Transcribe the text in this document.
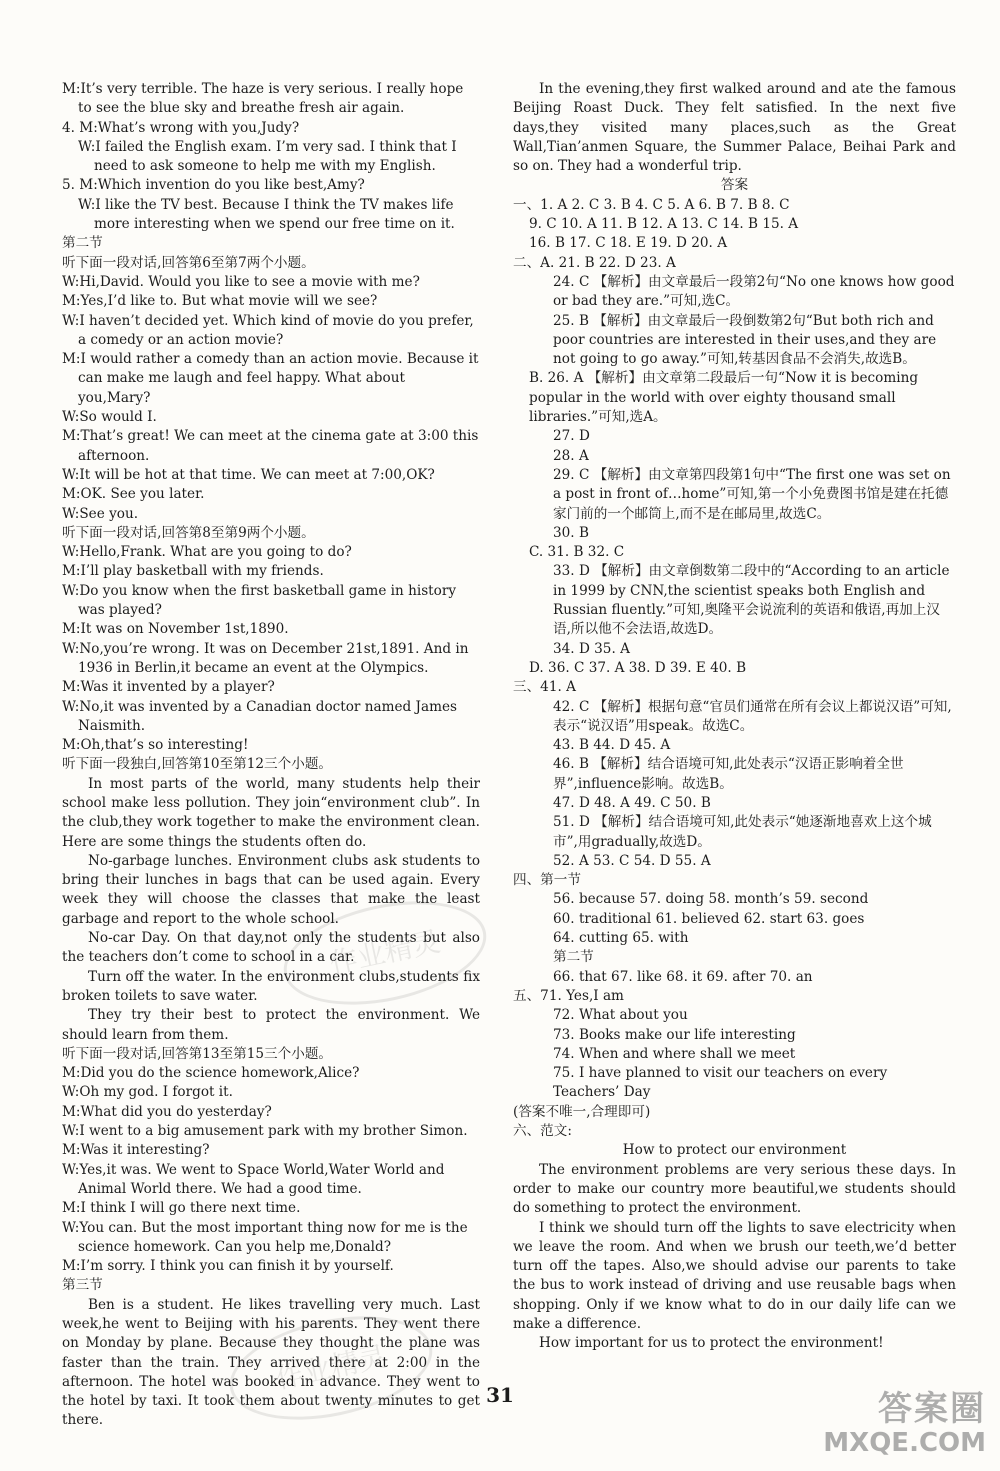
M:It’s very terrible. The haze is very serious. I really hope
to see the blue sky and breathe fresh air again.
4. M:What’s wrong with you,Judy?
W:I failed the English exam. I’m very sad. I think that I need to ask someone to help me with my English.
5. M:Which invention do you like best,Amy?
W:I like the TV best. Because I think the TV makes life more interesting when we spend our free time on it.
第二节
听下面一段对话,回答第6至第7两个小题。
W:Hi,David. Would you like to see a movie with me?
M:Yes,I’d like to. But what movie will we see?
W:I haven’t decided yet. Which kind of movie do you prefer, a comedy or an action movie?
M:I would rather a comedy than an action movie. Because it can make me laugh and feel happy. What about you,Mary?
W:So would I.
M:That’s great! We can meet at the cinema gate at 3:00 this afternoon.
W:It will be hot at that time. We can meet at 7:00,OK?
M:OK. See you later.
W:See you.
听下面一段对话,回答第8至第9两个小题。
W:Hello,Frank. What are you going to do?
M:I’ll play basketball with my friends.
W:Do you know when the first basketball game in history was played?
M:It was on November 1st,1890.
W:No,you’re wrong. It was on December 21st,1891. And in 1936 in Berlin,it became an event at the Olympics.
M:Was it invented by a player?
W:No,it was invented by a Canadian doctor named James Naismith.
M:Oh,that’s so interesting!
听下面一段独白,回答第10至第12三个小题。
In most parts of the world, many students help their school make less pollution. They join“environment club”. In the club,they work together to make the environment clean. Here are some things the students often do.
No-garbage lunches. Environment clubs ask students to bring their lunches in bags that can be used again. Every week they will choose the classes that make the least garbage and report to the whole school.
No-car Day. On that day,not only the students but also the teachers don’t come to school in a car.
Turn off the water. In the environment clubs,students fix broken toilets to save water.
They try their best to protect the environment. We should learn from them.
听下面一段对话,回答第13至第15三个小题。
M:Did you do the science homework,Alice?
W:Oh my god. I forgot it.
M:What did you do yesterday?
W:I went to a big amusement park with my brother Simon.
M:Was it interesting?
W:Yes,it was. We went to Space World,Water World and Animal World there. We had a good time.
M:I think I will go there next time.
W:You can. But the most important thing now for me is the science homework. Can you help me,Donald?
M:I’m sorry. I think you can finish it by yourself.
第三节
Ben is a student. He likes travelling very much. Last week,he went to Beijing with his parents. They went there on Monday by plane. Because they thought the plane was faster than the train. They arrived there at 2:00 in the afternoon. The hotel was booked in advance. They went to the hotel by taxi. It took them about twenty minutes to get there.
In the evening,they first walked around and ate the famous Beijing Roast Duck. They felt satisfied. In the next five days,they visited many places,such as the Great Wall,Tian’anmen Square, the Summer Palace, Beihai Park and so on. They had a wonderful trip.
答案
一、1. A 2. C 3. B 4. C 5. A 6. B 7. B 8. C
9. C 10. A 11. B 12. A 13. C 14. B 15. A
16. B 17. C 18. E 19. D 20. A
二、A. 21. B 22. D 23. A
24. C 【解析】由文章最后一段第2句“No one knows how good or bad they are.”可知,选C。
25. B 【解析】由文章最后一段倒数第2句“But both rich and poor countries are interested in their uses,and they are not going to go away.”可知,转基因食品不会消失,故选B。
B. 26. A 【解析】由文章第二段最后一句“Now it is becoming popular in the world with over eighty thousand small libraries.”可知,选A。
27. D
28. A
29. C 【解析】由文章第四段第1句中“The first one was set on a post in front of…home”可知,第一个小免费图书馆是建在托德家门前的一个邮筒上,而不是在邮局里,故选C。
30. B
C. 31. B 32. C
33. D 【解析】由文章倒数第二段中的“According to an article in 1999 by CNN,the scientist speaks both English and Russian fluently.”可知,奥隆平会说流利的英语和俄语,再加上汉语,所以他不会法语,故选D。
34. D 35. A
D. 36. C 37. A 38. D 39. E 40. B
三、41. A
42. C 【解析】根据句意“官员们通常在所有会议上都说汉语”可知,表示“说汉语”用speak。故选C。
43. B 44. D 45. A
46. B 【解析】结合语境可知,此处表示“汉语正影响着全世界”,influence影响。故选B。
47. D 48. A 49. C 50. B
51. D 【解析】结合语境可知,此处表示“她逐渐地喜欢上这个城市”,用gradually,故选D。
52. A 53. C 54. D 55. A
四、第一节
56. because 57. doing 58. month’s 59. second
60. traditional 61. believed 62. start 63. goes
64. cutting 65. with
第二节
66. that 67. like 68. it 69. after 70. an
五、71. Yes,I am
72. What about you
73. Books make our life interesting
74. When and where shall we meet
75. I have planned to visit our teachers on every Teachers’ Day
(答案不唯一,合理即可)
六、范文:
How to protect our environment
The environment problems are very serious these days. In order to make our country more beautiful,we students should do something to protect the environment.
I think we should turn off the lights to save electricity when we leave the room. And when we brush our teeth,we’d better turn off the tapes. Also,we should advise our parents to take the bus to work instead of driving and use reusable bags when shopping. Only if we know what to do in our daily life can we make a difference.
How important for us to protect the environment!
31
作业精灵
作业精灵
答案圈
MXQE.COM
